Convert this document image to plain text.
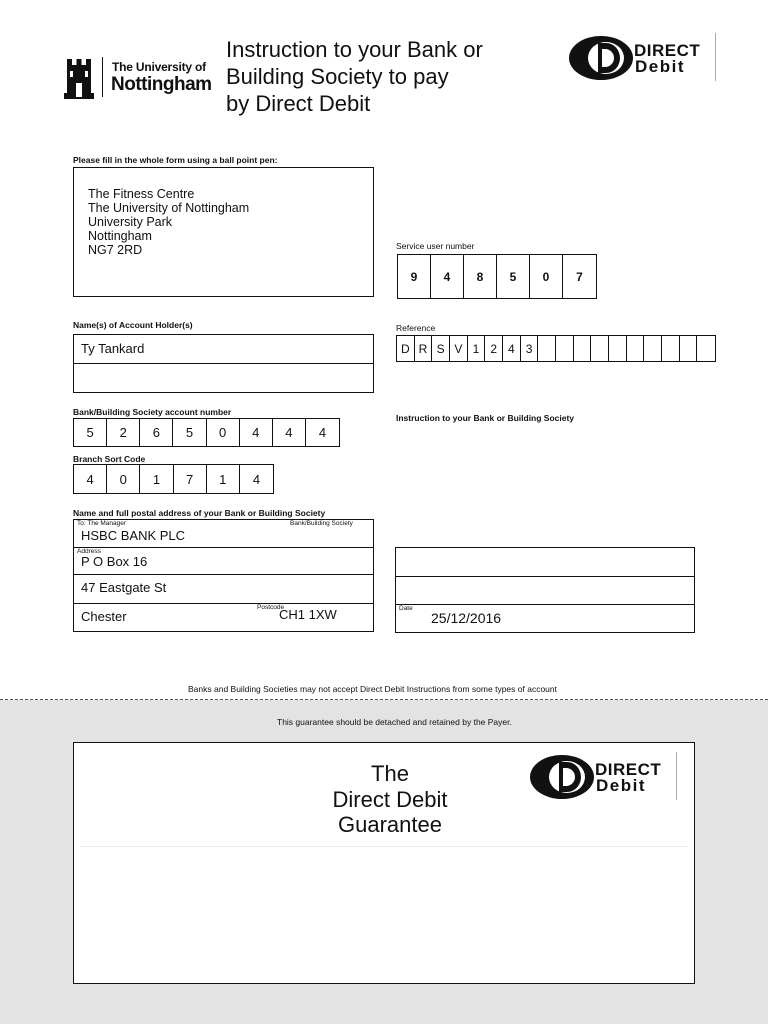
The University of
Nottingham
Instruction to your Bank or
Building Society to pay
by Direct Debit
DIRECT
Debit
Please fill in the whole form using a ball point pen:
The Fitness Centre
The University of Nottingham
University Park
Nottingham
NG7 2RD	Service user number
9	4	8	5	0	7
Name(s) of Account Holder(s)
Ty Tankard
Reference
D R S V 1 2 4 3
Bank/Building Society account number
5	2	6	5	0	4	4	4
Instruction to your Bank or Building Society
Branch Sort Code
4	0	1	7	1	4
Name and full postal address of your Bank or Building Society
To: The Manager	Bank/Building Society
HSBC BANK PLC
Address
P O Box 16
47 Eastgate St
Chester
Postcode
CH1 1XW	Date
25/12/2016
Banks and Building Societies may not accept Direct Debit Instructions from some types of account
This guarantee should be detached and retained by the Payer.
The
Direct Debit
Guarantee
DIRECT
Debit
